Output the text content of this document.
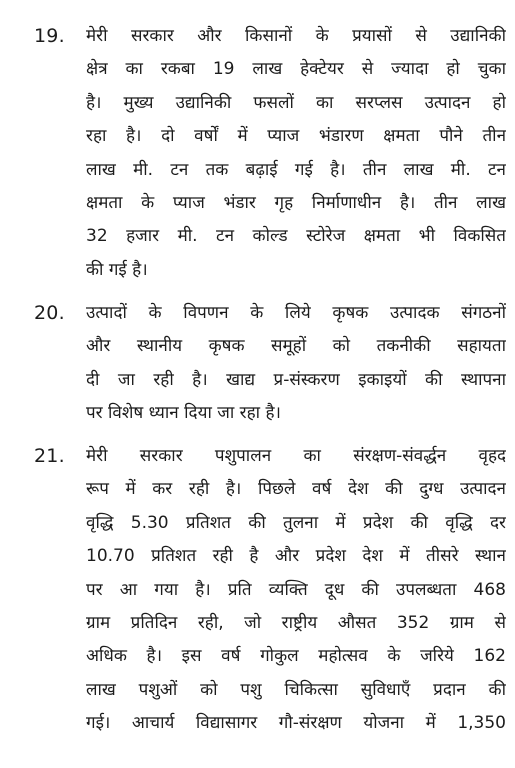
19. मेरी सरकार और किसानों के प्रयासों से उद्यानिकी
क्षेत्र का रकबा 19 लाख हेक्टेयर से ज्यादा हो चुका
है। मुख्य उद्यानिकी फसलों का सरप्लस उत्पादन हो
रहा है। दो वर्षों में प्याज भंडारण क्षमता पौने तीन
लाख मी. टन तक बढ़ाई गई है। तीन लाख मी. टन
क्षमता के प्याज भंडार गृह निर्माणाधीन है। तीन लाख
32 हजार मी. टन कोल्ड स्टोरेज क्षमता भी विकसित
की गई है।
20. उत्पादों के विपणन के लिये कृषक उत्पादक संगठनों
और स्थानीय कृषक समूहों को तकनीकी सहायता
दी जा रही है। खाद्य प्र-संस्करण इकाइयों की स्थापना
पर विशेष ध्यान दिया जा रहा है।
21. मेरी सरकार पशुपालन का संरक्षण-संवर्द्धन वृहद
रूप में कर रही है। पिछले वर्ष देश की दुग्ध उत्पादन
वृद्धि 5.30 प्रतिशत की तुलना में प्रदेश की वृद्धि दर
10.70 प्रतिशत रही है और प्रदेश देश में तीसरे स्थान
पर आ गया है। प्रति व्यक्ति दूध की उपलब्धता 468
ग्राम प्रतिदिन रही, जो राष्ट्रीय औसत 352 ग्राम से
अधिक है। इस वर्ष गोकुल महोत्सव के जरिये 162
लाख पशुओं को पशु चिकित्सा सुविधाएँ प्रदान की
गई। आचार्य विद्यासागर गौ-संरक्षण योजना में 1,350
